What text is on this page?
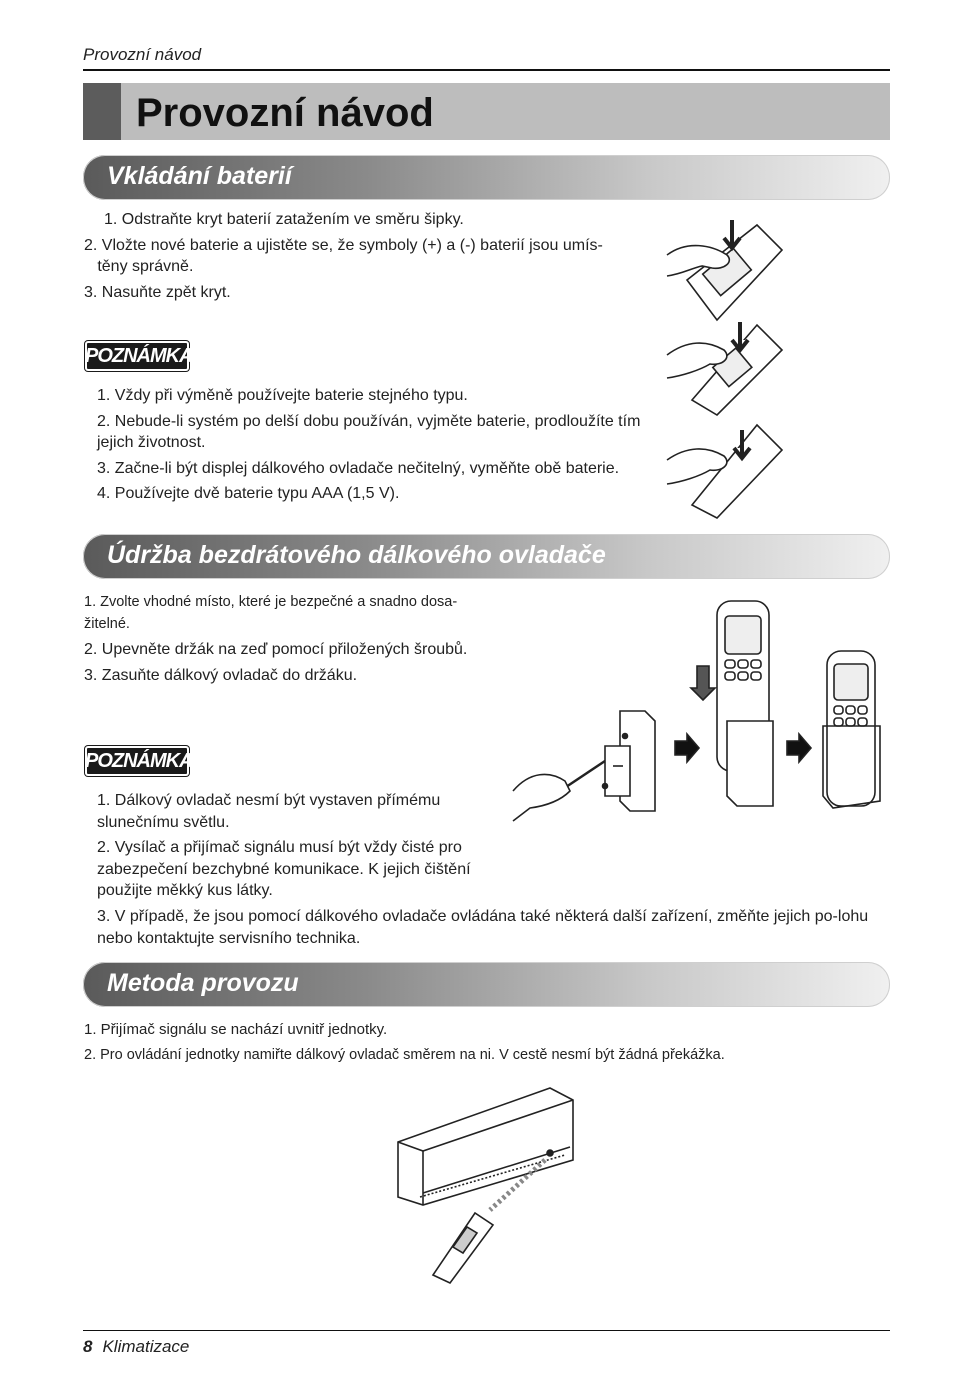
Provozní návod
Provozní návod
Vkládání baterií
1. Odstraňte kryt baterií zatažením ve směru šipky.
2. Vložte nové baterie a ujistěte se, že symboly (+) a (-) baterií jsou umís-   těny správně.
3. Nasuňte zpět kryt.
POZNÁMKA
1. Vždy při výměně používejte baterie stejného typu.
2. Nebude-li systém po delší dobu používán, vyjměte baterie, prodloužíte tím jejich životnost.
3. Začne-li být displej dálkového ovladače nečitelný, vyměňte obě baterie.
4. Používejte dvě baterie typu AAA (1,5 V).
Údržba bezdrátového dálkového ovladače
1. Zvolte vhodné místo, které je bezpečné a snadno dosa-žitelné.
2. Upevněte držák na zeď pomocí přiložených šroubů.
3. Zasuňte dálkový ovladač do držáku.
POZNÁMKA
1. Dálkový ovladač nesmí být vystaven přímému slunečnímu světlu.
2. Vysílač a přijímač signálu musí být vždy čisté pro zabezpečení bezchybné komunikace. K jejich čištění použijte měkký kus látky.
3. V případě, že jsou pomocí dálkového ovladače ovládána také některá další zařízení, změňte jejich po-lohu nebo kontaktujte servisního technika.
Metoda provozu
1. Přijímač signálu se nachází uvnitř jednotky.
2. Pro ovládání jednotky namiřte dálkový ovladač směrem na ni. V cestě nesmí být žádná překážka.
8 Klimatizace
